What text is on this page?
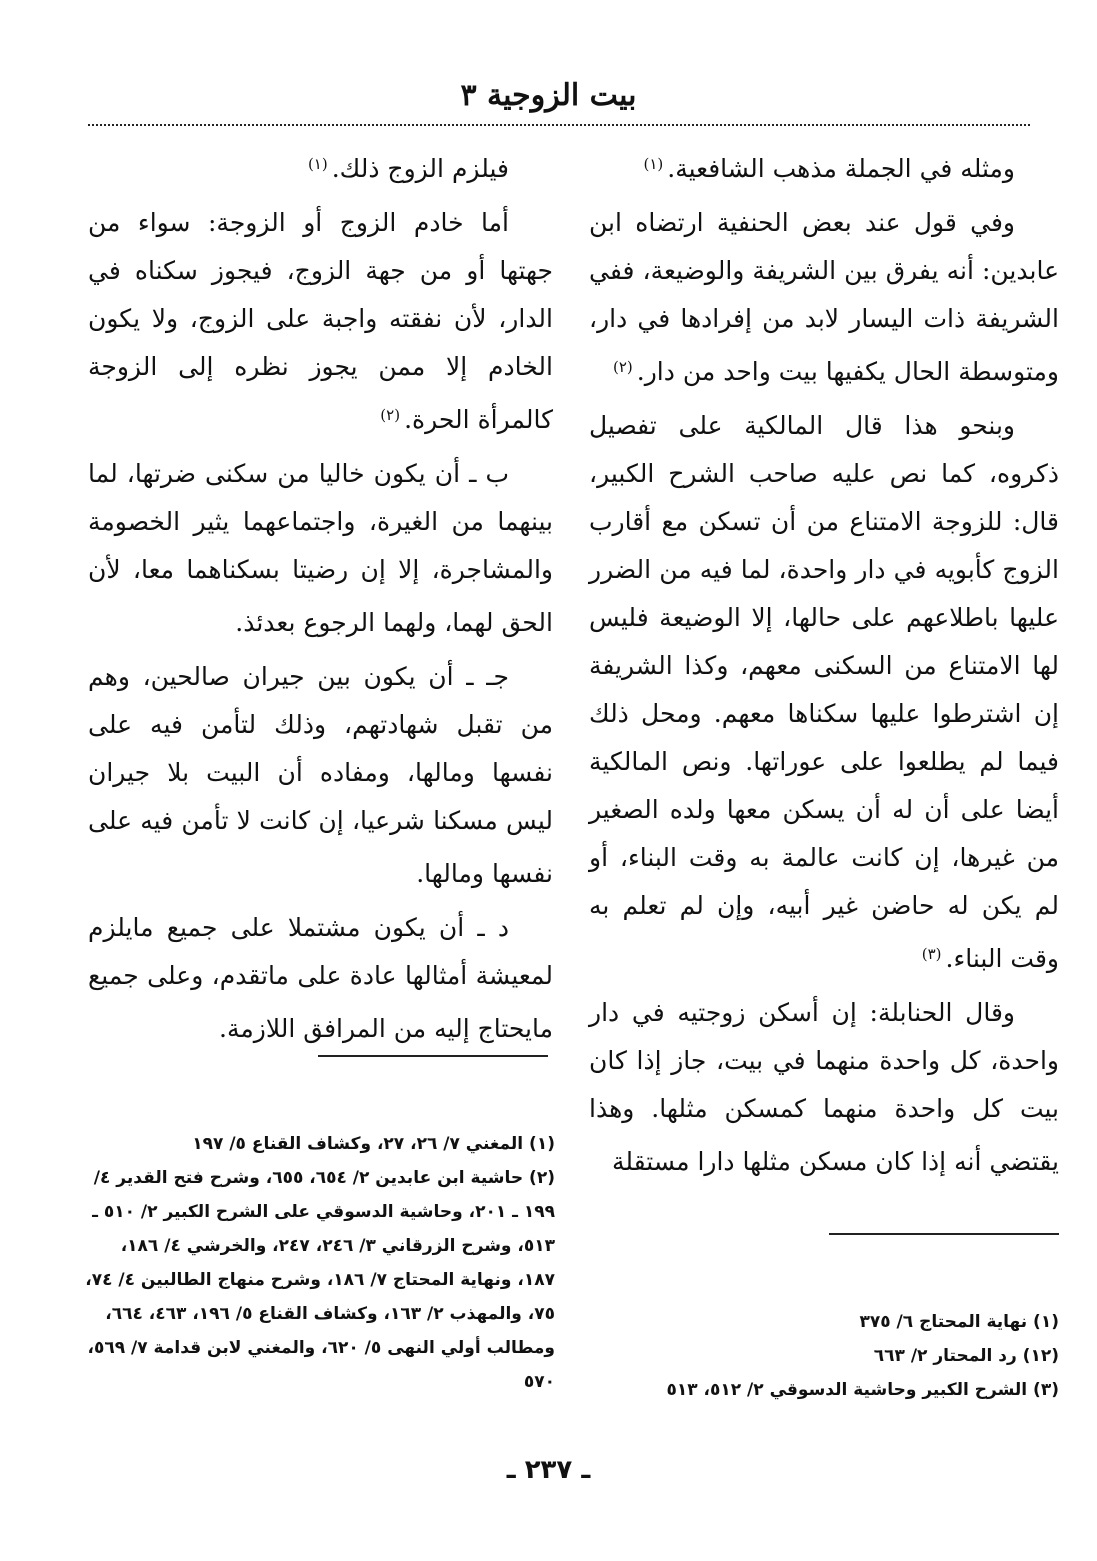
بيت الزوجية ٣

ومثله في الجملة مذهب الشافعية.$^{(١)}$

وفي قول عند بعض الحنفية ارتضاه ابن عابدين: أنه يفرق بين الشريفة والوضيعة، ففي الشريفة ذات اليسار لابد من إفرادها في دار، ومتوسطة الحال يكفيها بيت واحد من دار.$^{(٢)}$

وبنحو هذا قال المالكية على تفصيل ذكروه، كما نص عليه صاحب الشرح الكبير، قال: للزوجة الامتناع من أن تسكن مع أقارب الزوج كأبويه في دار واحدة، لما فيه من الضرر عليها باطلاعهم على حالها، إلا الوضيعة فليس لها الامتناع من السكنى معهم، وكذا الشريفة إن اشترطوا عليها سكناها معهم. ومحل ذلك فيما لم يطلعوا على عوراتها. ونص المالكية أيضا على أن له أن يسكن معها ولده الصغير من غيرها، إن كانت عالمة به وقت البناء، أو لم يكن له حاضن غير أبيه، وإن لم تعلم به وقت البناء.$^{(٣)}$

وقال الحنابلة: إن أسكن زوجتيه في دار واحدة، كل واحدة منهما في بيت، جاز إذا كان بيت كل واحدة منهما كمسكن مثلها. وهذا يقتضي أنه إذا كان مسكن مثلها دارا مستقلة

فيلزم الزوج ذلك.$^{(١)}$

أما خادم الزوج أو الزوجة: سواء من جهتها أو من جهة الزوج، فيجوز سكناه في الدار، لأن نفقته واجبة على الزوج، ولا يكون الخادم إلا ممن يجوز نظره إلى الزوجة كالمرأة الحرة.$^{(٢)}$

ب ـ أن يكون خاليا من سكنى ضرتها، لما بينهما من الغيرة، واجتماعهما يثير الخصومة والمشاجرة، إلا إن رضيتا بسكناهما معا، لأن الحق لهما، ولهما الرجوع بعدئذ.

جـ ـ أن يكون بين جيران صالحين، وهم من تقبل شهادتهم، وذلك لتأمن فيه على نفسها ومالها، ومفاده أن البيت بلا جيران ليس مسكنا شرعيا، إن كانت لا تأمن فيه على نفسها ومالها.

د ـ أن يكون مشتملا على جميع مايلزم لمعيشة أمثالها عادة على ماتقدم، وعلى جميع مايحتاج إليه من المرافق اللازمة.

(١) المغني ٧/ ٢٦، ٢٧، وكشاف القناع ٥/ ١٩٧
(٢) حاشية ابن عابدين ٢/ ٦٥٤، ٦٥٥، وشرح فتح القدير ٤/ ١٩٩ ـ ٢٠١، وحاشية الدسوقي على الشرح الكبير ٢/ ٥١٠ ـ ٥١٣، وشرح الزرقاني ٣/ ٢٤٦، ٢٤٧، والخرشي ٤/ ١٨٦، ١٨٧، ونهاية المحتاج ٧/ ١٨٦، وشرح منهاج الطالبين ٤/ ٧٤، ٧٥، والمهذب ٢/ ١٦٣، وكشاف القناع ٥/ ١٩٦، ٤٦٣، ٦٦٤، ومطالب أولي النهى ٥/ ٦٢٠، والمغني لابن قدامة ٧/ ٥٦٩، ٥٧٠
(١) نهاية المحتاج ٦/ ٣٧٥
(١٢) رد المحتار ٢/ ٦٦٣
(٣) الشرح الكبير وحاشية الدسوقي ٢/ ٥١٢، ٥١٣
ـ ٢٣٧ ـ
